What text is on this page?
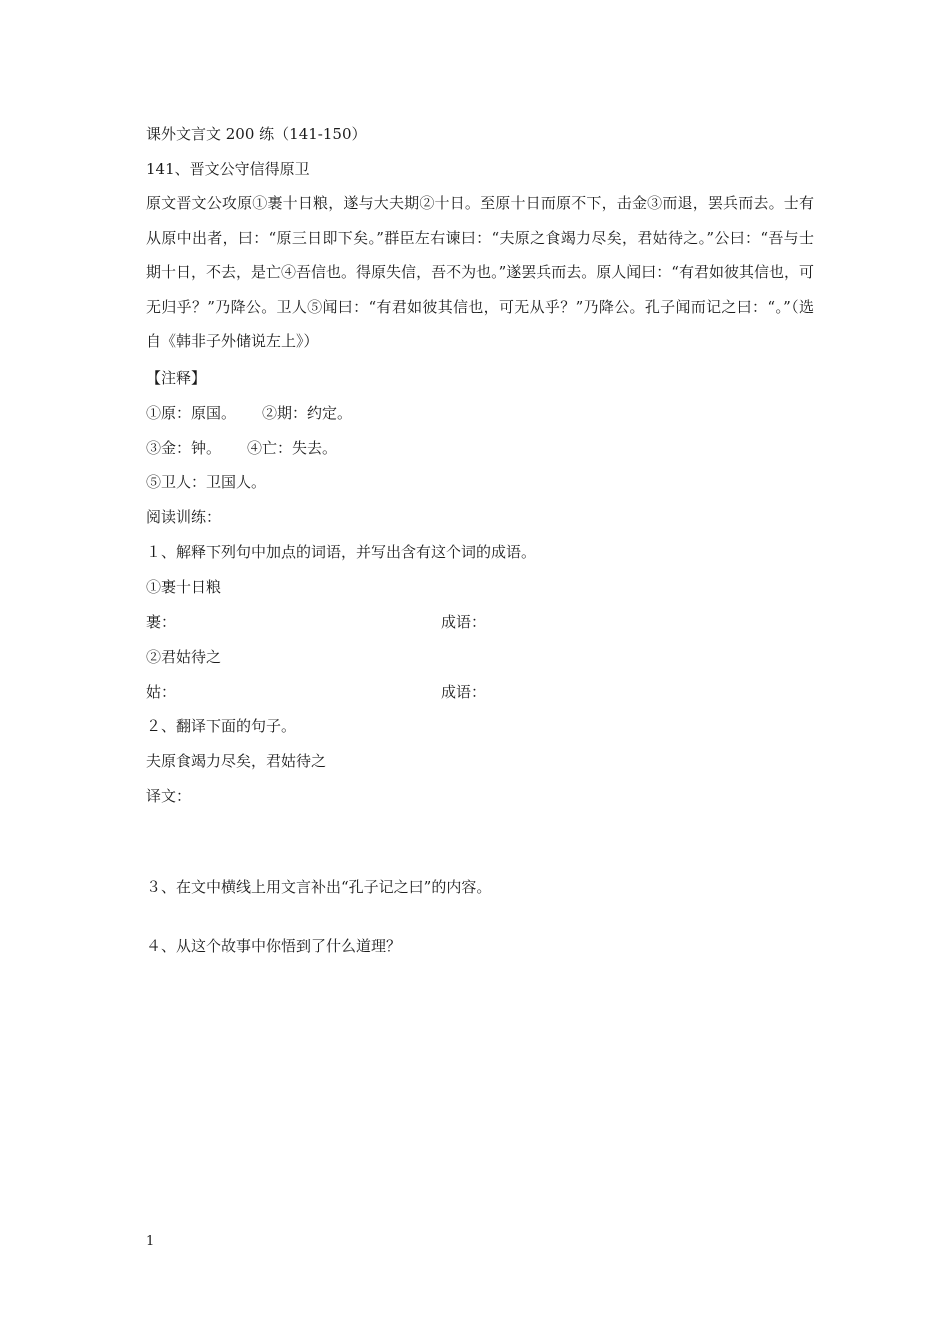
课外文言文 200 练（141-150）
141、晋文公守信得原卫
原文晋文公攻原①裹十日粮，遂与大夫期②十日。至原十日而原不下，击金③而退，罢兵而去。士有从原中出者，曰：“原三日即下矣。”群臣左右谏曰：“夫原之食竭力尽矣，君姑待之。”公曰：“吾与士期十日，不去，是亡④吾信也。得原失信，吾不为也。”遂罢兵而去。原人闻曰：“有君如彼其信也，可无归乎？”乃降公。卫人⑤闻曰：“有君如彼其信也，可无从乎？”乃降公。孔子闻而记之曰：“。”（选自《韩非子外储说左上》）
【注释】
①原：原国。 ②期：约定。
③金：钟。 ④亡：失去。
⑤卫人：卫国人。
阅读训练：
１、解释下列句中加点的词语，并写出含有这个词的成语。
①裹十日粮
裹：	成语：
②君姑待之
姑：	成语：
２、翻译下面的句子。
夫原食竭力尽矣，君姑待之
译文：
３、在文中横线上用文言补出“孔子记之曰”的内容。
４、从这个故事中你悟到了什么道理？
1
